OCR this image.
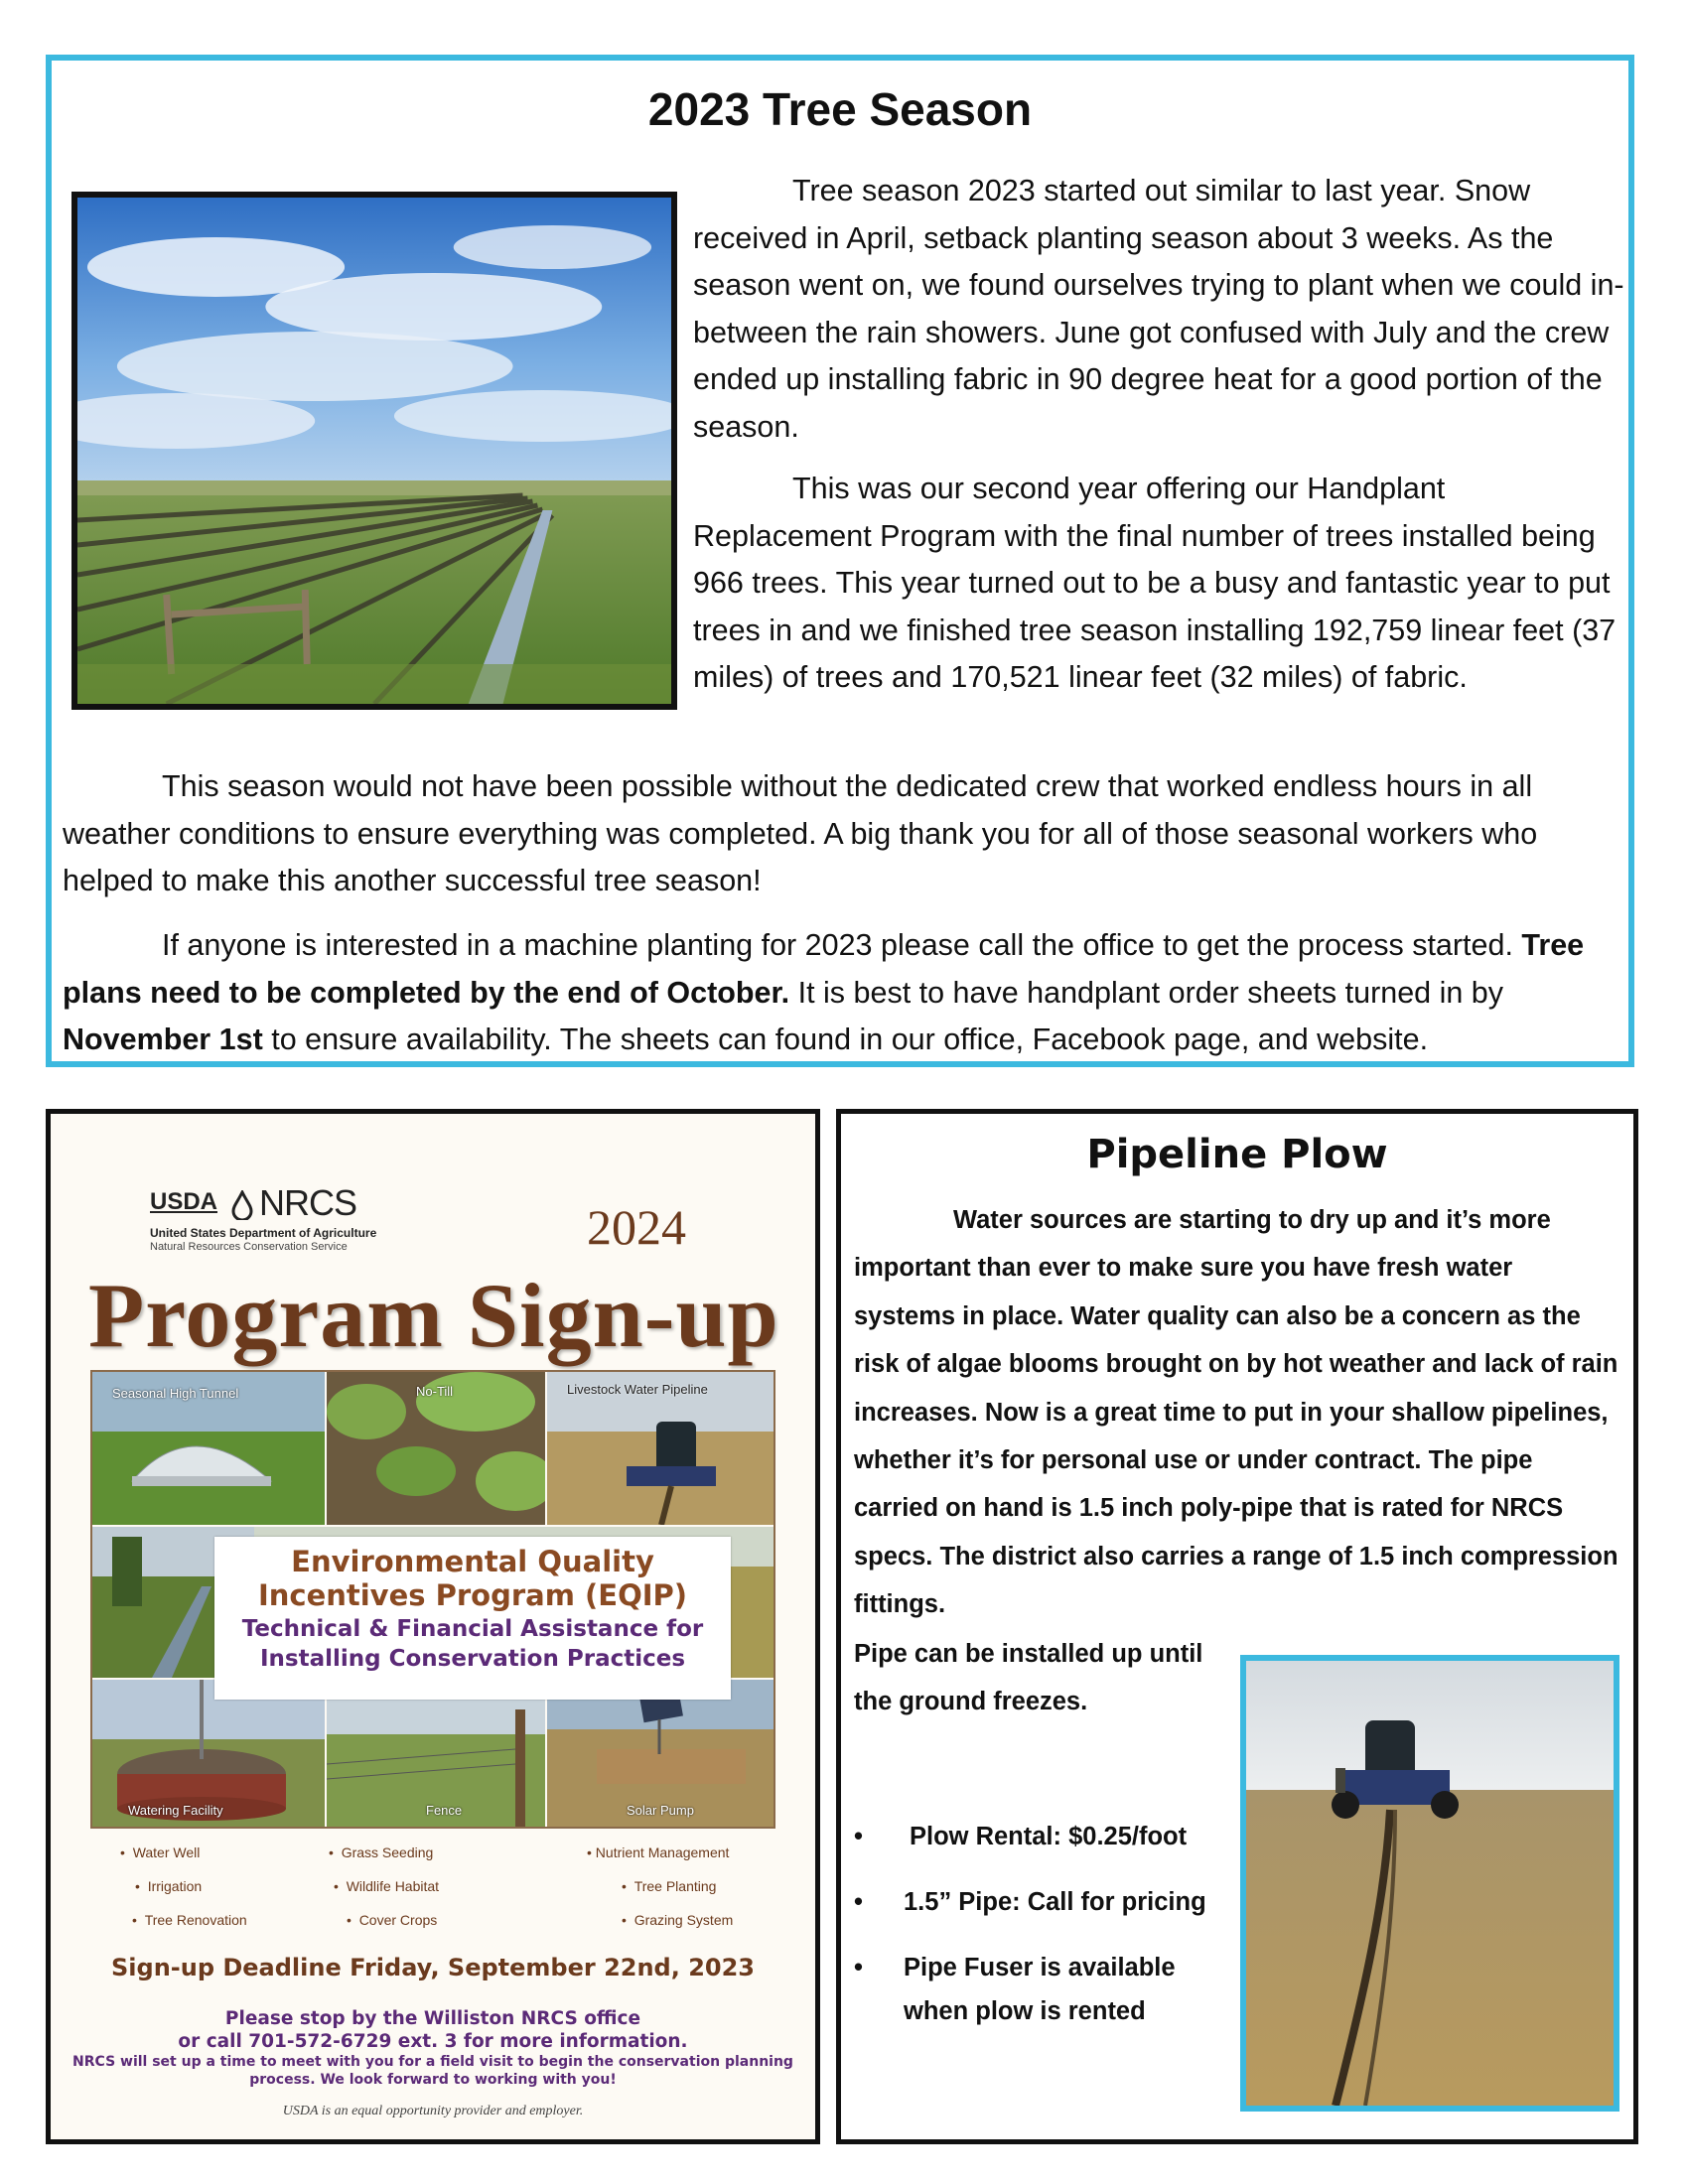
2023 Tree Season

Tree season 2023 started out similar to last year. Snow received in April, setback planting season about 3 weeks. As the season went on, we found ourselves trying to plant when we could in-between the rain showers. June got confused with July and the crew ended up installing fabric in 90 degree heat for a good portion of the season.

This was our second year offering our Handplant Replacement Program with the final number of trees installed being 966 trees. This year turned out to be a busy and fantastic year to put trees in and we finished tree season installing 192,759 linear feet (37 miles) of trees and 170,521 linear feet (32 miles) of fabric.

This season would not have been possible without the dedicated crew that worked endless hours in all weather conditions to ensure everything was completed. A big thank you for all of those seasonal workers who helped to make this another successful tree season!

If anyone is interested in a machine planting for 2023 please call the office to get the process started. Tree plans need to be completed by the end of October. It is best to have handplant order sheets turned in by November 1st to ensure availability. The sheets can found in our office, Facebook page, and website.

USDA NRCS
United States Department of Agriculture
Natural Resources Conservation Service	2024
Program Sign-up
Seasonal High Tunnel	No-Till	Livestock Water Pipeline
Watering Facility	Fence	Solar Pump
Environmental Quality
Incentives Program (EQIP)
Technical & Financial Assistance for
Installing Conservation Practices
•  Water Well	•  Grass Seeding	• Nutrient Management
•  Irrigation	•  Wildlife Habitat	•  Tree Planting
•  Tree Renovation	•  Cover Crops	•  Grazing System
Sign-up Deadline Friday, September 22nd, 2023
Please stop by the Williston NRCS office
or call 701-572-6729 ext. 3 for more information.
NRCS will set up a time to meet with you for a field visit to begin the conservation planning process. We look forward to working with you!
USDA is an equal opportunity provider and employer.
Pipeline Plow

Water sources are starting to dry up and it’s more important than ever to make sure you have fresh water systems in place. Water quality can also be a concern as the risk of algae blooms brought on by hot weather and lack of rain increases. Now is a great time to put in your shallow pipelines, whether it’s for personal use or under contract. The pipe carried on hand is 1.5 inch poly-pipe that is rated for NRCS specs. The district also carries a range of 1.5 inch compression fittings.

Pipe can be installed up until the ground freezes.

• Plow Rental: $0.25/foot
• 1.5” Pipe: Call for pricing
• Pipe Fuser is available
when plow is rented
